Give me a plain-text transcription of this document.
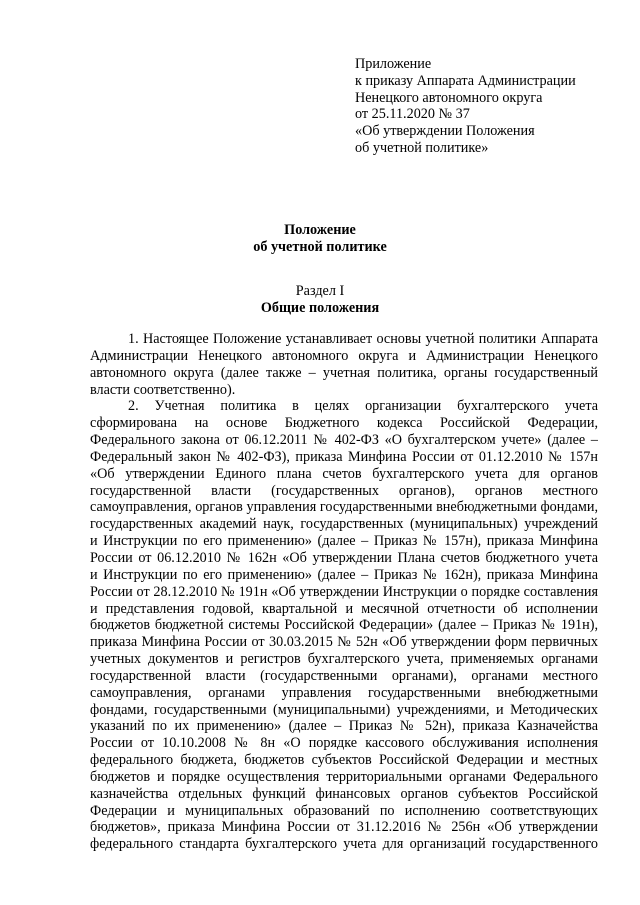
Приложение
к приказу Аппарата Администрации
Ненецкого автономного округа
от 25.11.2020 № 37
«Об утверждении Положения
об учетной политике»
Положение
об учетной политике
Раздел I
Общие положения
1. Настоящее Положение устанавливает основы учетной политики Аппарата
Администрации Ненецкого автономного округа и Администрации Ненецкого
автономного округа (далее также – учетная политика, органы государственный
власти соответственно).
2. Учетная политика в целях организации бухгалтерского учета
сформирована на основе Бюджетного кодекса Российской Федерации,
Федерального закона от 06.12.2011 № 402-ФЗ «О бухгалтерском учете» (далее –
Федеральный закон № 402-ФЗ), приказа Минфина России от 01.12.2010 № 157н
«Об утверждении Единого плана счетов бухгалтерского учета для органов
государственной власти (государственных органов), органов местного
самоуправления, органов управления государственными внебюджетными фондами,
государственных академий наук, государственных (муниципальных) учреждений
и Инструкции по его применению» (далее – Приказ № 157н), приказа Минфина
России от 06.12.2010 № 162н «Об утверждении Плана счетов бюджетного учета
и Инструкции по его применению» (далее – Приказ № 162н), приказа Минфина
России от 28.12.2010 № 191н «Об утверждении Инструкции о порядке составления
и представления годовой, квартальной и месячной отчетности об исполнении
бюджетов бюджетной системы Российской Федерации» (далее – Приказ № 191н),
приказа Минфина России от 30.03.2015 № 52н «Об утверждении форм первичных
учетных документов и регистров бухгалтерского учета, применяемых органами
государственной власти (государственными органами), органами местного
самоуправления, органами управления государственными внебюджетными
фондами, государственными (муниципальными) учреждениями, и Методических
указаний по их применению» (далее – Приказ № 52н), приказа Казначейства
России от 10.10.2008 № 8н «О порядке кассового обслуживания исполнения
федерального бюджета, бюджетов субъектов Российской Федерации и местных
бюджетов и порядке осуществления территориальными органами Федерального
казначейства отдельных функций финансовых органов субъектов Российской
Федерации и муниципальных образований по исполнению соответствующих
бюджетов», приказа Минфина России от 31.12.2016 № 256н «Об утверждении
федерального стандарта бухгалтерского учета для организаций государственного
